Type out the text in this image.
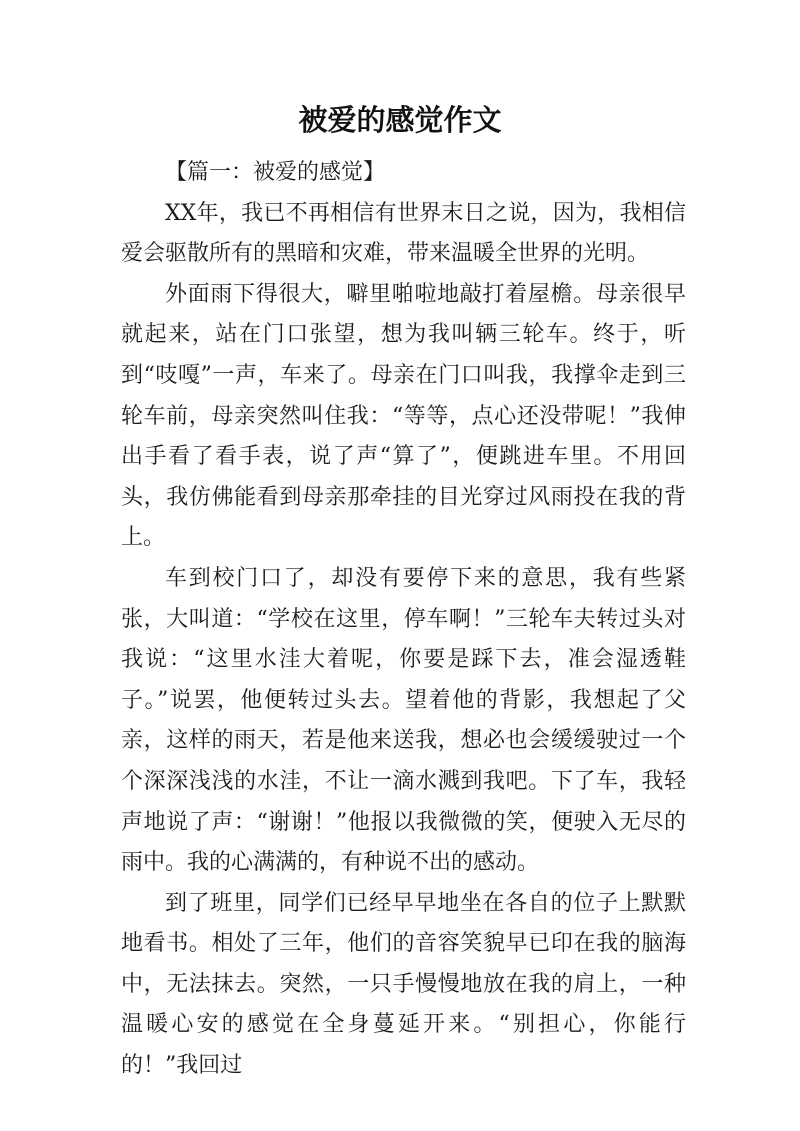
被爱的感觉作文

【篇一：被爱的感觉】

XX年，我已不再相信有世界末日之说，因为，我相信爱会驱散所有的黑暗和灾难，带来温暖全世界的光明。

外面雨下得很大，噼里啪啦地敲打着屋檐。母亲很早就起来，站在门口张望，想为我叫辆三轮车。终于，听到“吱嘎”一声，车来了。母亲在门口叫我，我撑伞走到三轮车前，母亲突然叫住我：“等等，点心还没带呢！”我伸出手看了看手表，说了声“算了”，便跳进车里。不用回头，我仿佛能看到母亲那牵挂的目光穿过风雨投在我的背上。

车到校门口了，却没有要停下来的意思，我有些紧张，大叫道：“学校在这里，停车啊！”三轮车夫转过头对我说：“这里水洼大着呢，你要是踩下去，准会湿透鞋子。”说罢，他便转过头去。望着他的背影，我想起了父亲，这样的雨天，若是他来送我，想必也会缓缓驶过一个个深深浅浅的水洼，不让一滴水溅到我吧。下了车，我轻声地说了声：“谢谢！”他报以我微微的笑，便驶入无尽的雨中。我的心满满的，有种说不出的感动。

到了班里，同学们已经早早地坐在各自的位子上默默地看书。相处了三年，他们的音容笑貌早已印在我的脑海中，无法抹去。突然，一只手慢慢地放在我的肩上，一种温暖心安的感觉在全身蔓延开来。“别担心，你能行的！”我回过
